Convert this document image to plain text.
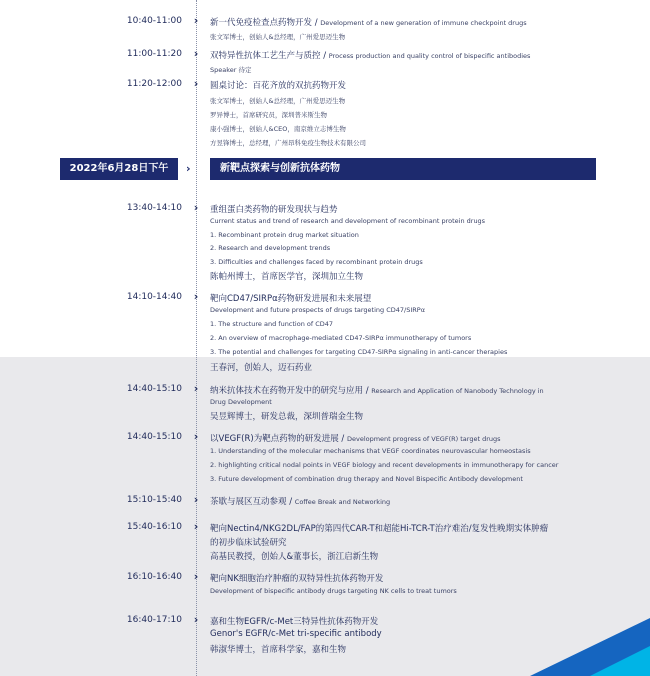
10:40-11:00	›	新一代免疫检查点药物开发 / Development of a new generation of immune checkpoint drugs
张文军博士，创始人&总经理，广州爱思迈生物
11:00-11:20	›	双特异性抗体工艺生产与质控 / Process production and quality control of bispecific antibodies
Speaker 待定
11:20-12:00	›	圆桌讨论：百花齐放的双抗药物开发
张文军博士，创始人&总经理，广州爱思迈生物
罗异博士，首席研究员，深圳普米斯生物
康小强博士，创始人&CEO，南京维立志博生物
方昱锋博士，总经理，广州昂科免疫生物技术有限公司
2022年6月28日下午	›	新靶点探索与创新抗体药物
13:40-14:10	›	重组蛋白类药物的研发现状与趋势
Current status and trend of research and development of recombinant protein drugs
1. Recombinant protein drug market situation
2. Research and development trends
3. Difficulties and challenges faced by recombinant protein drugs
陈帕州博士，首席医学官，深圳加立生物
14:10-14:40	›	靶向CD47/SIRPα药物研发进展和未来展望
Development and future prospects of drugs targeting CD47/SIRPα
1. The structure and function of CD47
2. An overview of macrophage-mediated CD47-SIRPα immunotherapy of tumors
3. The potential and challenges for targeting CD47-SIRPα signaling in anti-cancer therapies
王春河，创始人，迈石药业
14:40-15:10	›	纳米抗体技术在药物开发中的研究与应用 / Research and Application of Nanobody Technology in
Drug Development
吴昱辉博士，研发总裁，深圳普瑞金生物
14:40-15:10	›	以VEGF(R)为靶点药物的研发进展 / Development progress of VEGF(R) target drugs
1. Understanding of the molecular mechanisms that VEGF coordinates neurovascular homeostasis
2. highlighting critical nodal points in VEGF biology and recent developments in immunotherapy for cancer
3. Future development of combination drug therapy and Novel Bispecific Antibody development
15:10-15:40	›	茶歇与展区互动参观 / Coffee Break and Networking
15:40-16:10	›	靶向Nectin4/NKG2DL/FAP的第四代CAR-T和超能Hi-TCR-T治疗难治/复发性晚期实体肿瘤
的初步临床试验研究
高基民教授，创始人&董事长，浙江启新生物
16:10-16:40	›	靶向NK细胞治疗肿瘤的双特异性抗体药物开发
Development of bispecific antibody drugs targeting NK cells to treat tumors
16:40-17:10	›	嘉和生物EGFR/c-Met三特异性抗体药物开发
Genor's EGFR/c-Met tri-specific antibody
韩淑华博士，首席科学家，嘉和生物
